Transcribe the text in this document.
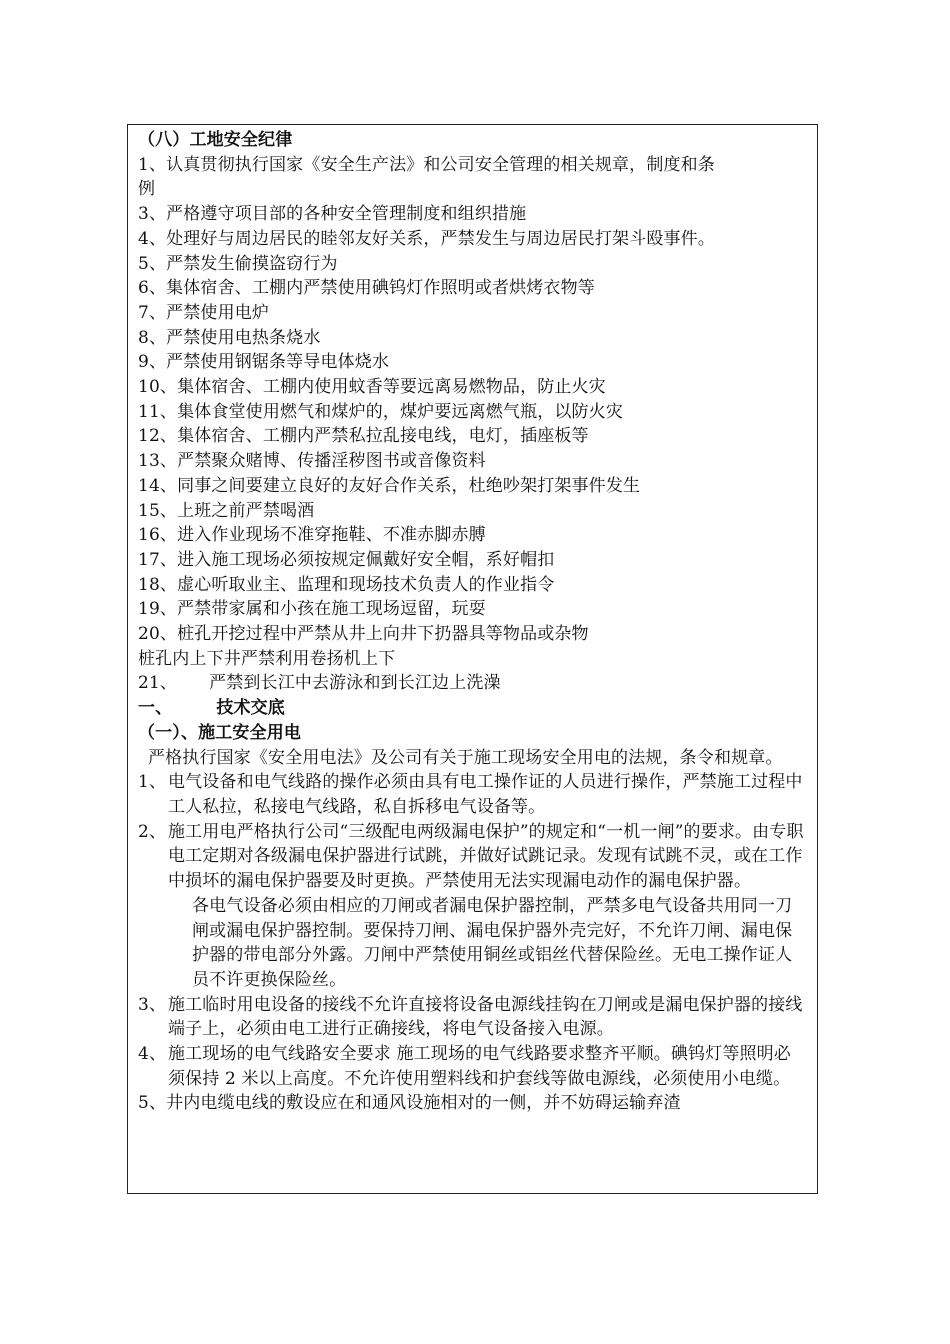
（八）工地安全纪律
1、认真贯彻执行国家《安全生产法》和公司安全管理的相关规章，制度和条
例
3、严格遵守项目部的各种安全管理制度和组织措施
4、处理好与周边居民的睦邻友好关系，严禁发生与周边居民打架斗殴事件。
5、严禁发生偷摸盗窃行为
6、集体宿舍、工棚内严禁使用碘钨灯作照明或者烘烤衣物等
7、严禁使用电炉
8、严禁使用电热条烧水
9、严禁使用钢锯条等导电体烧水
10、集体宿舍、工棚内使用蚊香等要远离易燃物品，防止火灾
11、集体食堂使用燃气和煤炉的，煤炉要远离燃气瓶，以防火灾
12、集体宿舍、工棚内严禁私拉乱接电线，电灯，插座板等
13、严禁聚众赌博、传播淫秽图书或音像资料
14、同事之间要建立良好的友好合作关系，杜绝吵架打架事件发生
15、上班之前严禁喝酒
16、进入作业现场不准穿拖鞋、不准赤脚赤膊
17、进入施工现场必须按规定佩戴好安全帽，系好帽扣
18、虚心听取业主、监理和现场技术负责人的作业指令
19、严禁带家属和小孩在施工现场逗留，玩耍
20、桩孔开挖过程中严禁从井上向井下扔器具等物品或杂物
桩孔内上下井严禁利用卷扬机上下
21、 严禁到长江中去游泳和到长江边上洗澡
一、	技术交底
（一）、施工安全用电
严格执行国家《安全用电法》及公司有关于施工现场安全用电的法规，条令和规章。
1、 电气设备和电气线路的操作必须由具有电工操作证的人员进行操作，严禁施工过程中工人私拉，私接电气线路，私自拆移电气设备等。
2、 施工用电严格执行公司“三级配电两级漏电保护”的规定和“一机一闸”的要求。由专职电工定期对各级漏电保护器进行试跳，并做好试跳记录。发现有试跳不灵，或在工作中损坏的漏电保护器要及时更换。严禁使用无法实现漏电动作的漏电保护器。
各电气设备必须由相应的刀闸或者漏电保护器控制，严禁多电气设备共用同一刀闸或漏电保护器控制。要保持刀闸、漏电保护器外壳完好，不允许刀闸、漏电保护器的带电部分外露。刀闸中严禁使用铜丝或铝丝代替保险丝。无电工操作证人员不许更换保险丝。
3、 施工临时用电设备的接线不允许直接将设备电源线挂钩在刀闸或是漏电保护器的接线端子上，必须由电工进行正确接线，将电气设备接入电源。
4、 施工现场的电气线路安全要求 施工现场的电气线路要求整齐平顺。碘钨灯等照明必须保持 2 米以上高度。不允许使用塑料线和护套线等做电源线，必须使用小电缆。
5、井内电缆电线的敷设应在和通风设施相对的一侧，并不妨碍运输弃渣
